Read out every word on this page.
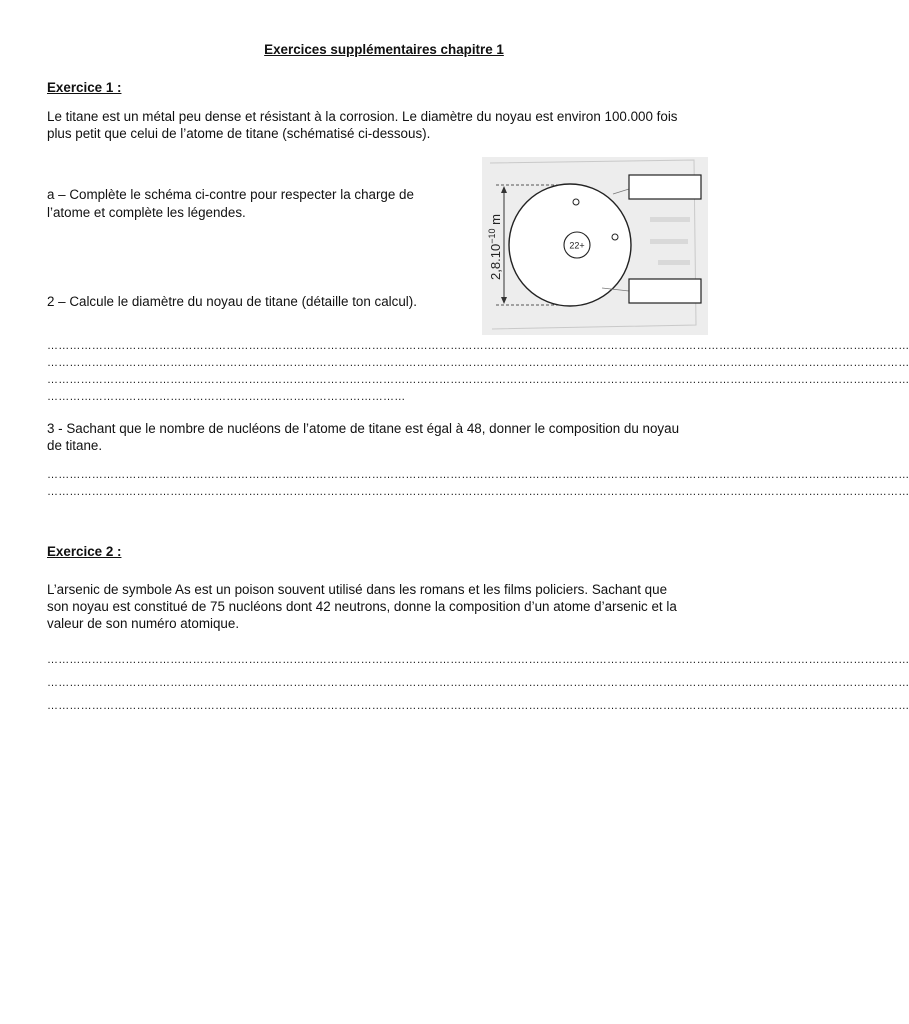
Exercices supplémentaires chapitre 1
Exercice 1 :
Le titane est un métal peu dense et résistant à la corrosion. Le diamètre du noyau est environ 100.000 fois
plus petit que celui de l’atome de titane (schématisé ci-dessous).
a – Complète le schéma ci-contre pour respecter la charge de
l’atome et complète les légendes.
2 – Calcule le diamètre du noyau de titane (détaille ton calcul).
$2,8.10^{-10}$ m
22+
……………………………………………………………………………………………………………………………………………………………………………………………………………
……………………………………………………………………………………………………………………………………………………………………………………………………………
……………………………………………………………………………………………………………………………………………………………………………………………………………
……………………………………………………………………………………
3 - Sachant que le nombre de nucléons de l’atome de titane est égal à 48, donner le composition du noyau
de titane.
……………………………………………………………………………………………………………………………………………………………………………………………………………
……………………………………………………………………………………………………………………………………………………………………………………………………………
Exercice 2 :
L’arsenic de symbole As est un poison souvent utilisé dans les romans et les films policiers. Sachant que
son noyau est constitué de 75 nucléons dont 42 neutrons, donne la composition d’un atome d’arsenic et la
valeur de son numéro atomique.
……………………………………………………………………………………………………………………………………………………………………………………………………………
……………………………………………………………………………………………………………………………………………………………………………………………………………
……………………………………………………………………………………………………………………………………………………………………………………………………………
